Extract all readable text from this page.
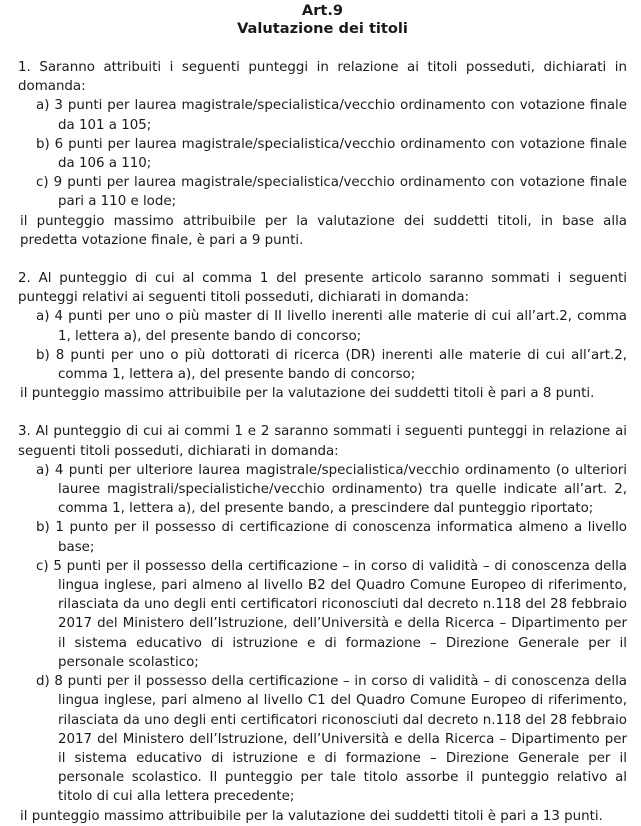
Art.9
Valutazione dei titoli

1. Saranno attribuiti i seguenti punteggi in relazione ai titoli posseduti, dichiarati in domanda:

a) 3 punti per laurea magistrale/specialistica/vecchio ordinamento con votazione finale da 101 a 105;

b) 6 punti per laurea magistrale/specialistica/vecchio ordinamento con votazione finale da 106 a 110;

c) 9 punti per laurea magistrale/specialistica/vecchio ordinamento con votazione finale pari a 110 e lode;

il punteggio massimo attribuibile per la valutazione dei suddetti titoli, in base alla predetta votazione finale, è pari a 9 punti.

2. Al punteggio di cui al comma 1 del presente articolo saranno sommati i seguenti punteggi relativi ai seguenti titoli posseduti, dichiarati in domanda:

a) 4 punti per uno o più master di II livello inerenti alle materie di cui all’art.2, comma 1, lettera a), del presente bando di concorso;

b) 8 punti per uno o più dottorati di ricerca (DR) inerenti alle materie di cui all’art.2, comma 1, lettera a), del presente bando di concorso;

il punteggio massimo attribuibile per la valutazione dei suddetti titoli è pari a 8 punti.

3. Al punteggio di cui ai commi 1 e 2 saranno sommati i seguenti punteggi in relazione ai seguenti titoli posseduti, dichiarati in domanda:

a) 4 punti per ulteriore laurea magistrale/specialistica/vecchio ordinamento (o ulteriori lauree magistrali/specialistiche/vecchio ordinamento) tra quelle indicate all’art. 2, comma 1, lettera a), del presente bando, a prescindere dal punteggio riportato;

b) 1 punto per il possesso di certificazione di conoscenza informatica almeno a livello base;

c) 5 punti per il possesso della certificazione – in corso di validità – di conoscenza della lingua inglese, pari almeno al livello B2 del Quadro Comune Europeo di riferimento, rilasciata da uno degli enti certificatori riconosciuti dal decreto n.118 del 28 febbraio 2017 del Ministero dell’Istruzione, dell’Università e della Ricerca – Dipartimento per il sistema educativo di istruzione e di formazione – Direzione Generale per il personale scolastico;

d) 8 punti per il possesso della certificazione – in corso di validità – di conoscenza della lingua inglese, pari almeno al livello C1 del Quadro Comune Europeo di riferimento, rilasciata da uno degli enti certificatori riconosciuti dal decreto n.118 del 28 febbraio 2017 del Ministero dell’Istruzione, dell’Università e della Ricerca – Dipartimento per il sistema educativo di istruzione e di formazione – Direzione Generale per il personale scolastico. Il punteggio per tale titolo assorbe il punteggio relativo al titolo di cui alla lettera precedente;

il punteggio massimo attribuibile per la valutazione dei suddetti titoli è pari a 13 punti.
